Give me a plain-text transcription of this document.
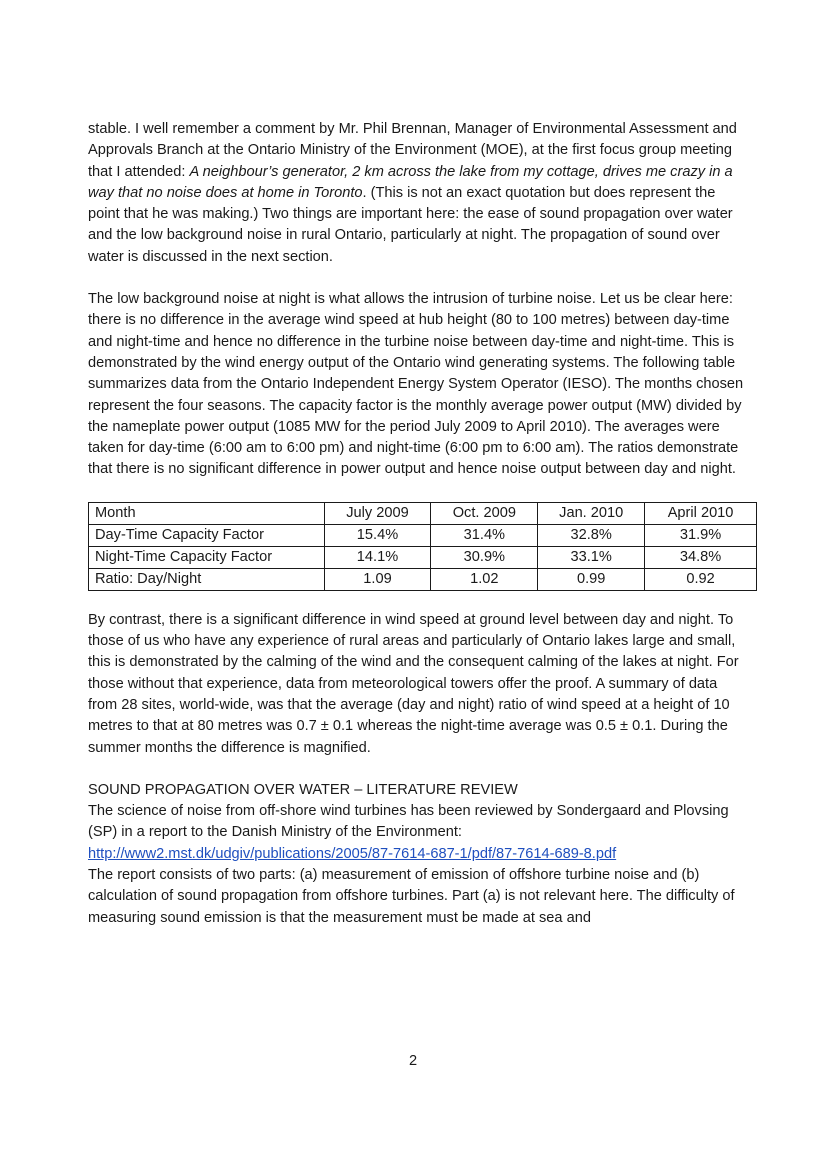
stable. I well remember a comment by Mr. Phil Brennan, Manager of Environmental Assessment and Approvals Branch at the Ontario Ministry of the Environment (MOE), at the first focus group meeting that I attended: A neighbour’s generator, 2 km across the lake from my cottage, drives me crazy in a way that no noise does at home in Toronto. (This is not an exact quotation but does represent the point that he was making.) Two things are important here: the ease of sound propagation over water and the low background noise in rural Ontario, particularly at night. The propagation of sound over water is discussed in the next section.

The low background noise at night is what allows the intrusion of turbine noise. Let us be clear here: there is no difference in the average wind speed at hub height (80 to 100 metres) between day-time and night-time and hence no difference in the turbine noise between day-time and night-time. This is demonstrated by the wind energy output of the Ontario wind generating systems. The following table summarizes data from the Ontario Independent Energy System Operator (IESO). The months chosen represent the four seasons. The capacity factor is the monthly average power output (MW) divided by the nameplate power output (1085 MW for the period July 2009 to April 2010). The averages were taken for day-time (6:00 am to 6:00 pm) and night-time (6:00 pm to 6:00 am). The ratios demonstrate that there is no significant difference in power output and hence noise output between day and night.

Month	July 2009	Oct. 2009	Jan. 2010	April 2010
Day-Time Capacity Factor	15.4%	31.4%	32.8%	31.9%
Night-Time Capacity Factor	14.1%	30.9%	33.1%	34.8%
Ratio: Day/Night	1.09	1.02	0.99	0.92

By contrast, there is a significant difference in wind speed at ground level between day and night. To those of us who have any experience of rural areas and particularly of Ontario lakes large and small, this is demonstrated by the calming of the wind and the consequent calming of the lakes at night. For those without that experience, data from meteorological towers offer the proof. A summary of data from 28 sites, world-wide, was that the average (day and night) ratio of wind speed at a height of 10 metres to that at 80 metres was 0.7 ± 0.1 whereas the night-time average was 0.5 ± 0.1. During the summer months the difference is magnified.

SOUND PROPAGATION OVER WATER – LITERATURE REVIEW
The science of noise from off-shore wind turbines has been reviewed by Sondergaard and Plovsing (SP) in a report to the Danish Ministry of the Environment:
http://www2.mst.dk/udgiv/publications/2005/87-7614-687-1/pdf/87-7614-689-8.pdf
The report consists of two parts: (a) measurement of emission of offshore turbine noise and (b) calculation of sound propagation from offshore turbines. Part (a) is not relevant here. The difficulty of measuring sound emission is that the measurement must be made at sea and
2
